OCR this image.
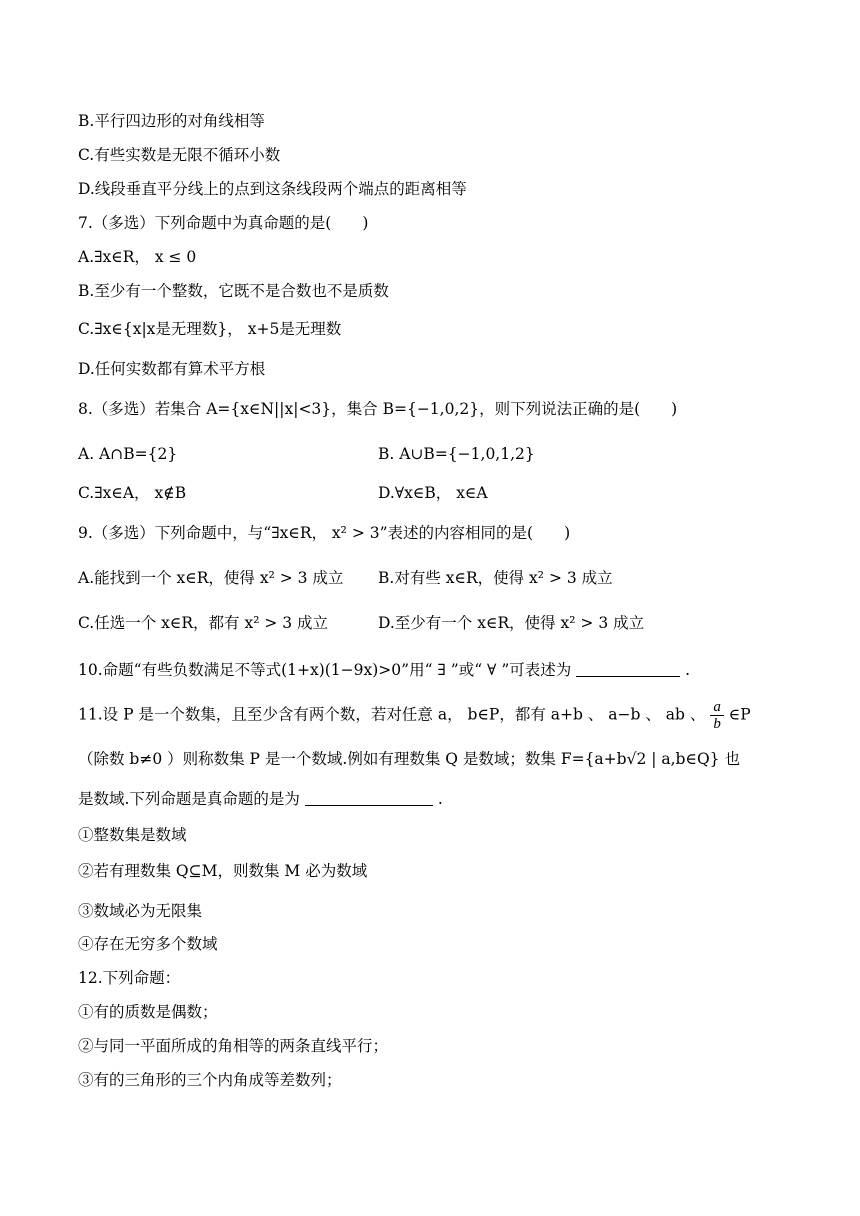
B.平行四边形的对角线相等
C.有些实数是无限不循环小数
D.线段垂直平分线上的点到这条线段两个端点的距离相等
7.（多选）下列命题中为真命题的是(　　)
A.∃x∈R， x ≤ 0
B.至少有一个整数，它既不是合数也不是质数
C.∃x∈{x|x是无理数}， x+5是无理数
D.任何实数都有算术平方根
8.（多选）若集合 A={x∈N||x|<3}，集合 B={−1,0,2}，则下列说法正确的是(　　)
A. A∩B={2}	B. A∪B={−1,0,1,2}
C.∃x∈A， x∉B	D.∀x∈B， x∈A
9.（多选）下列命题中，与“∃x∈R， x² > 3”表述的内容相同的是(　　)
A.能找到一个 x∈R，使得 x² > 3 成立 B.对有些 x∈R，使得 x² > 3 成立
C.任选一个 x∈R，都有 x² > 3 成立	D.至少有一个 x∈R，使得 x² > 3 成立
10.命题“有些负数满足不等式(1+x)(1−9x)>0”用“ ∃ ”或“ ∀ ”可表述为	.
11.设 P 是一个数集，且至少含有两个数，若对任意 a， b∈P，都有 a+b 、 a−b 、 ab 、 $\frac{a}{b}$ ∈P
（除数 b≠0 ）则称数集 P 是一个数域.例如有理数集 Q 是数域；数集 F={a+b√2 | a,b∈Q} 也
是数域.下列命题是真命题的是为	.
①整数集是数域
②若有理数集 Q⊆M，则数集 M 必为数域
③数域必为无限集
④存在无穷多个数域
12.下列命题：
①有的质数是偶数；
②与同一平面所成的角相等的两条直线平行；
③有的三角形的三个内角成等差数列；
